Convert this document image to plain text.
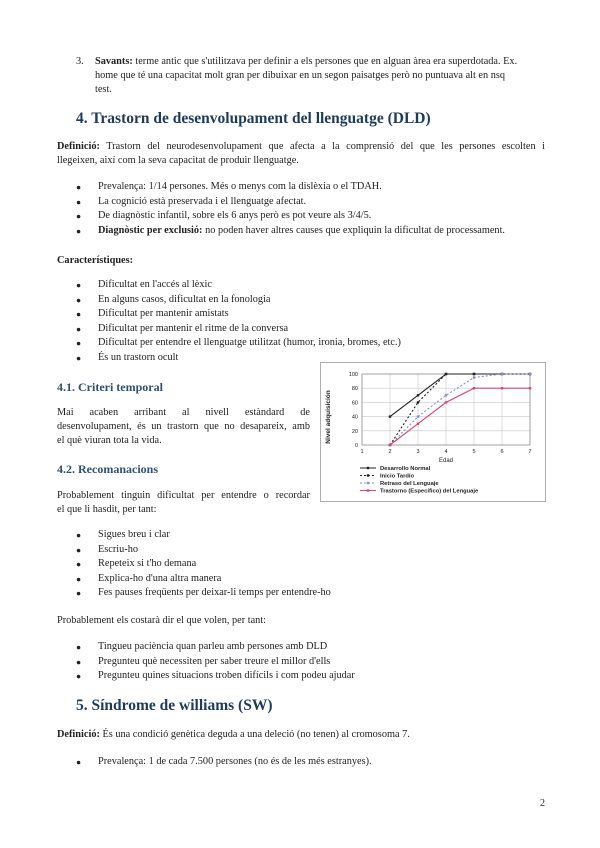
3. Savants: terme antic que s'utilitzava per definir a els persones que en alguan àrea era superdotada. Ex.
home que té una capacitat molt gran per dibuixar en un segon paisatges però no puntuava alt en nsq
test.
4. Trastorn de desenvolupament del llenguatge (DLD)
Definició: Trastorn del neurodesenvolupament que afecta a la comprensió del que les persones escolten i
llegeixen, així com la seva capacitat de produir llenguatge.
● Prevalença: 1/14 persones. Més o menys com la dislèxia o el TDAH.
● La cognició està preservada i el llenguatge afectat.
● De diagnòstic infantil, sobre els 6 anys però es pot veure als 3/4/5.
● Diagnòstic per exclusió: no poden haver altres causes que expliquin la dificultat de processament.
Característiques:
● Dificultat en l'accés al lèxic
● En alguns casos, dificultat en la fonologia
● Dificultat per mantenir amistats
● Dificultat per mantenir el ritme de la conversa
● Dificultat per entendre el llenguatge utilitzat (humor, ironia, bromes, etc.)
● És un trastorn ocult
4.1. Criteri temporal
Mai acaben arribant al nivell estàndard de
desenvolupament, és un trastorn que no desapareix, amb
el què viuran tota la vida.	Nivel adquisición
Edad
0
20
40
60
80
100
1	2	3	4	5	6	7
Desarrollo Normal
Inicio Tardío
Retraso del Lenguaje
Trastorno (Específico) del Lenguaje
4.2. Recomanacions
Probablement tinguin dificultat per entendre o recordar
el que li hasdit, per tant:
● Sigues breu i clar
● Escriu-ho
● Repeteix si t'ho demana
● Explica-ho d'una altra manera
● Fes pauses freqüents per deixar-li temps per entendre-ho
Probablement els costarà dir el que volen, per tant:
● Tingueu paciència quan parleu amb persones amb DLD
● Pregunteu què necessiten per saber treure el millor d'ells
● Pregunteu quines situacions troben difícils i com podeu ajudar
5. Síndrome de williams (SW)
Definició: És una condició genètica deguda a una deleció (no tenen) al cromosoma 7.
● Prevalença: 1 de cada 7.500 persones (no és de les més estranyes).
2
